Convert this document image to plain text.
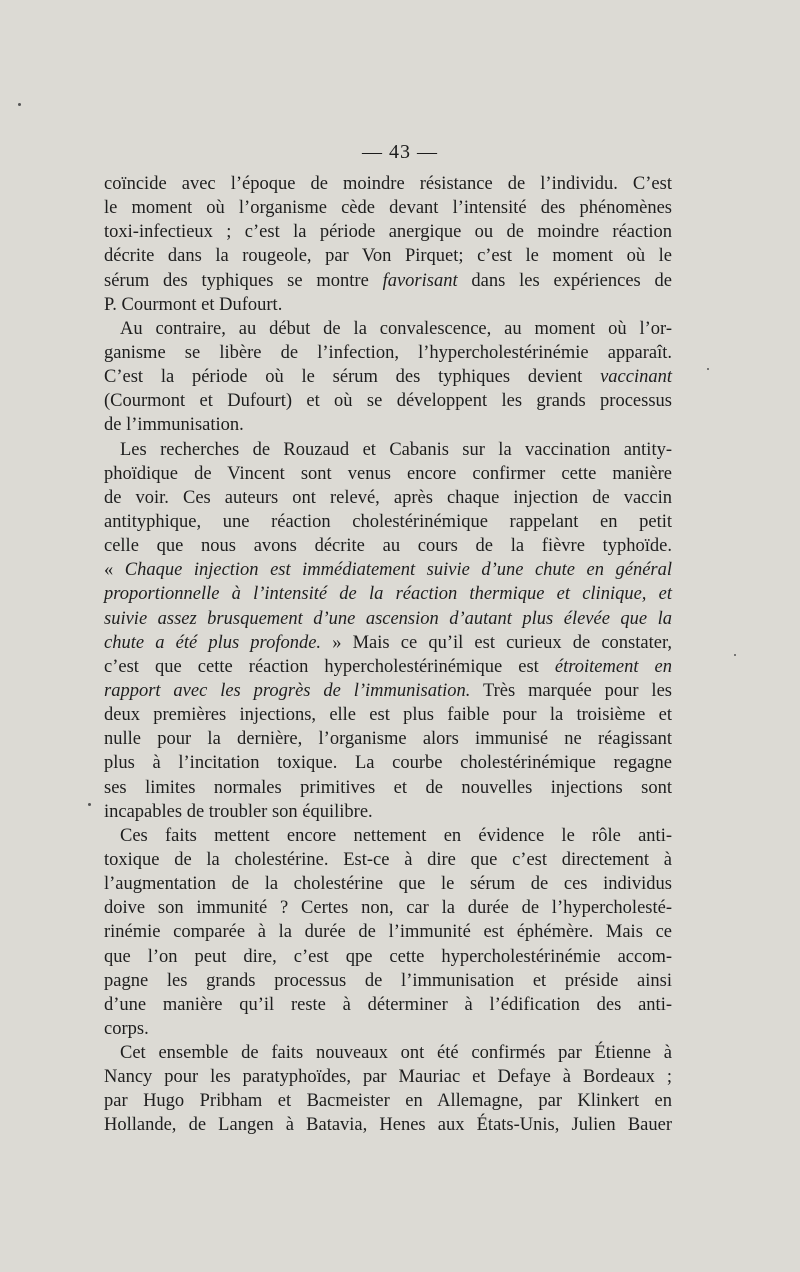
— 43 —
coïncide avec l’époque de moindre résistance de l’individu. C’est
le moment où l’organisme cède devant l’intensité des phénomènes
toxi-infectieux ; c’est la période anergique ou de moindre réaction
décrite dans la rougeole, par Von Pirquet; c’est le moment où le
sérum des typhiques se montre favorisant dans les expériences de
P. Courmont et Dufourt.
Au contraire, au début de la convalescence, au moment où l’or-
ganisme se libère de l’infection, l’hypercholestérinémie apparaît.
C’est la période où le sérum des typhiques devient vaccinant
(Courmont et Dufourt) et où se développent les grands processus
de l’immunisation.
Les recherches de Rouzaud et Cabanis sur la vaccination antity-
phoïdique de Vincent sont venus encore confirmer cette manière
de voir. Ces auteurs ont relevé, après chaque injection de vaccin
antityphique, une réaction cholestérinémique rappelant en petit
celle que nous avons décrite au cours de la fièvre typhoïde.
« Chaque injection est immédiatement suivie d’une chute en général
proportionnelle à l’intensité de la réaction thermique et clinique, et
suivie assez brusquement d’une ascension d’autant plus élevée que la
chute a été plus profonde. » Mais ce qu’il est curieux de constater,
c’est que cette réaction hypercholestérinémique est étroitement en
rapport avec les progrès de l’immunisation. Très marquée pour les
deux premières injections, elle est plus faible pour la troisième et
nulle pour la dernière, l’organisme alors immunisé ne réagissant
plus à l’incitation toxique. La courbe cholestérinémique regagne
ses limites normales primitives et de nouvelles injections sont
incapables de troubler son équilibre.
Ces faits mettent encore nettement en évidence le rôle anti-
toxique de la cholestérine. Est-ce à dire que c’est directement à
l’augmentation de la cholestérine que le sérum de ces individus
doive son immunité ? Certes non, car la durée de l’hypercholesté-
rinémie comparée à la durée de l’immunité est éphémère. Mais ce
que l’on peut dire, c’est qpe cette hypercholestérinémie accom-
pagne les grands processus de l’immunisation et préside ainsi
d’une manière qu’il reste à déterminer à l’édification des anti-
corps.
Cet ensemble de faits nouveaux ont été confirmés par Étienne à
Nancy pour les paratyphoïdes, par Mauriac et Defaye à Bordeaux ;
par Hugo Pribham et Bacmeister en Allemagne, par Klinkert en
Hollande, de Langen à Batavia, Henes aux États-Unis, Julien Bauer
